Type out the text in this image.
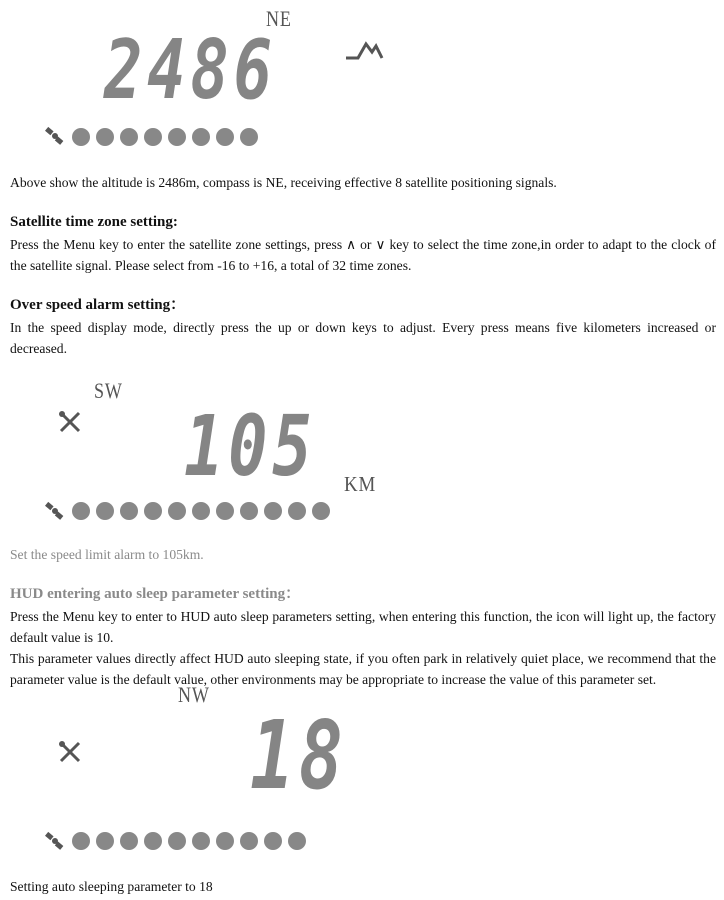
NE
2486

Above show the altitude is 2486m, compass is NE, receiving effective 8 satellite positioning signals.

Satellite time zone setting:

Press the Menu key to enter the satellite zone settings, press ∧ or ∨ key to select the time zone,in order to adapt to the clock of the satellite signal. Please select from -16 to +16, a total of 32 time zones.

Over speed alarm setting：

In the speed display mode, directly press the up or down keys to adjust. Every press means five kilometers increased or decreased.

SW
105 KM

Set the speed limit alarm to 105km.

HUD entering auto sleep parameter setting：

Press the Menu key to enter to HUD auto sleep parameters setting, when entering this function, the icon will light up, the factory default value is 10.

This parameter values directly affect HUD auto sleeping state, if you often park in relatively quiet place, we recommend that the parameter value is the default value, other environments may be appropriate to increase the value of this parameter set.

NW
18

Setting auto sleeping parameter to 18
